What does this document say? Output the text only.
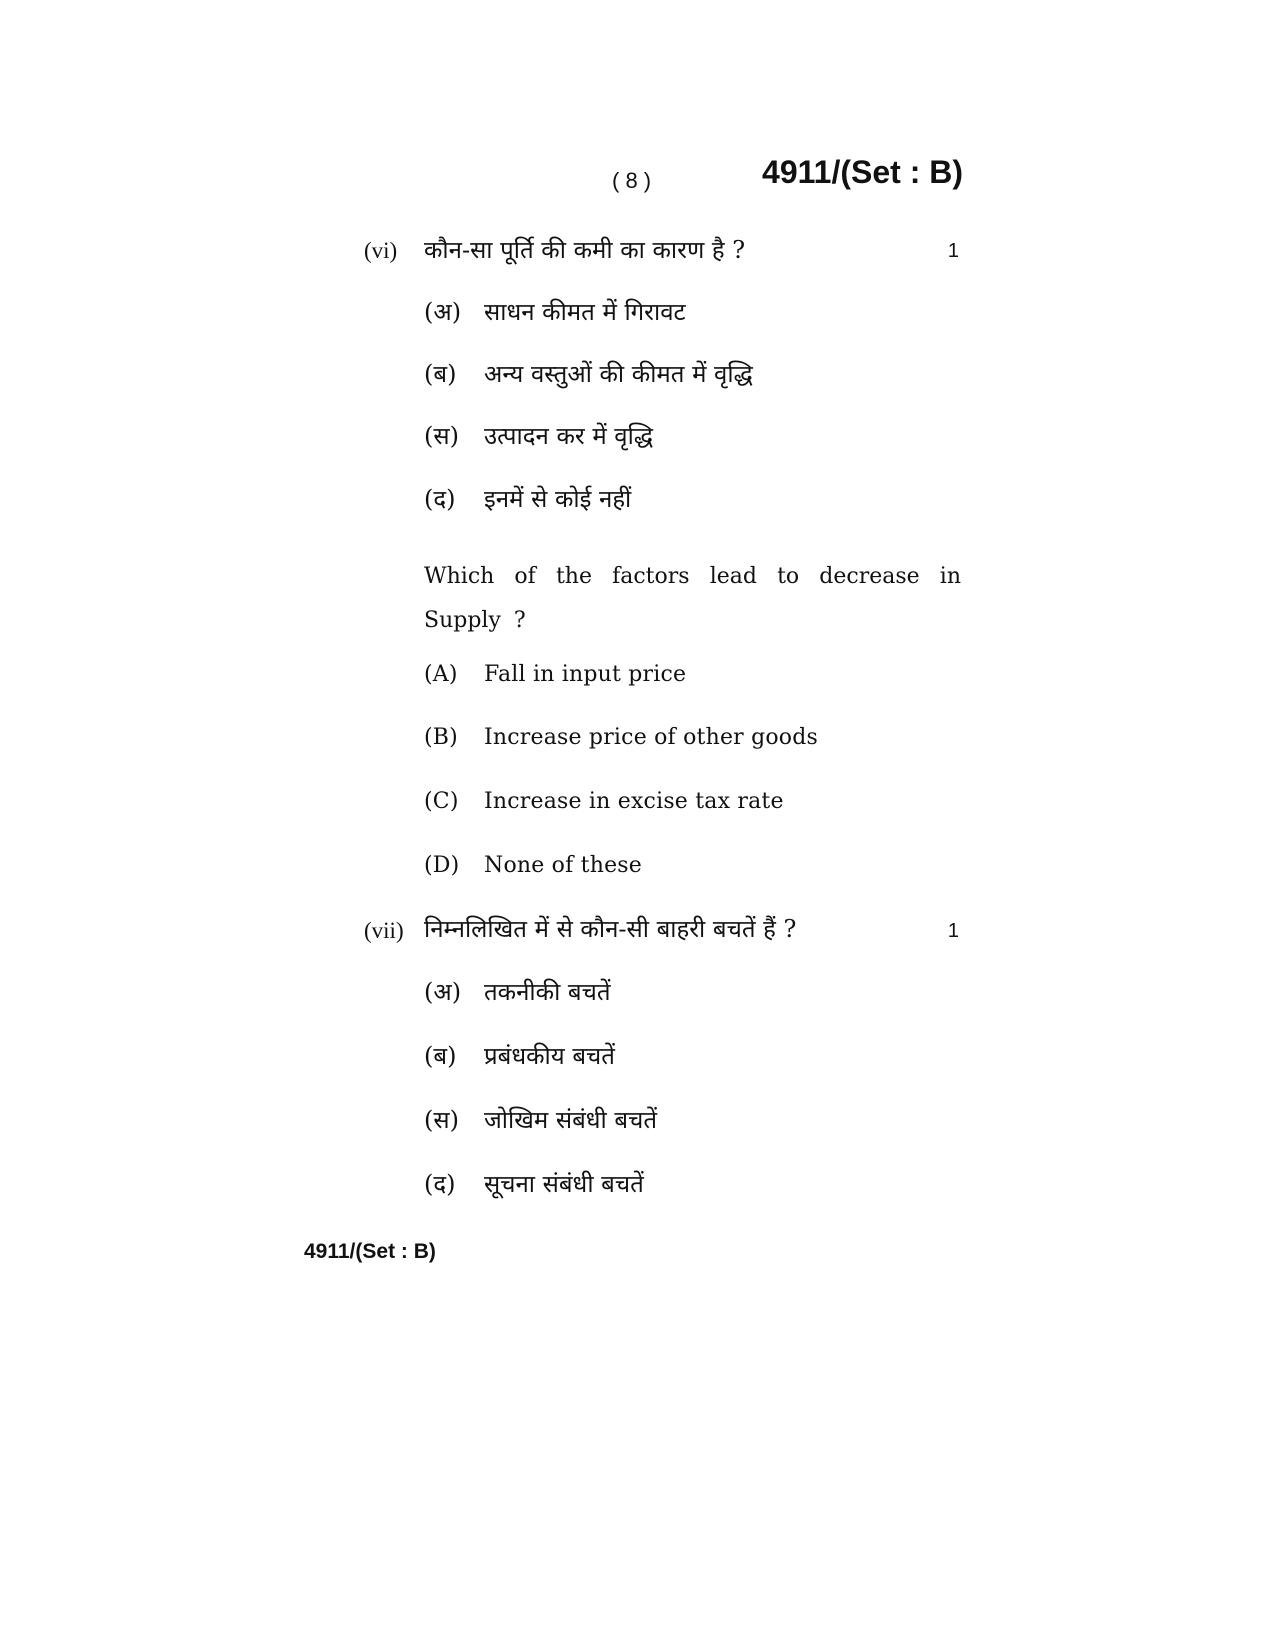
( 8 )	4911/(Set : B)
(vi) कौन-सा पूर्ति की कमी का कारण है ?	1
(अ) साधन कीमत में गिरावट
(ब) अन्य वस्तुओं की कीमत में वृद्धि
(स) उत्पादन कर में वृद्धि
(द) इनमें से कोई नहीं
Which of the factors lead to decrease in Supply ?
(A) Fall in input price
(B) Increase price of other goods
(C) Increase in excise tax rate
(D) None of these
(vii) निम्नलिखित में से कौन-सी बाहरी बचतें हैं ?	1
(अ) तकनीकी बचतें
(ब) प्रबंधकीय बचतें
(स) जोखिम संबंधी बचतें
(द) सूचना संबंधी बचतें
4911/(Set : B)
